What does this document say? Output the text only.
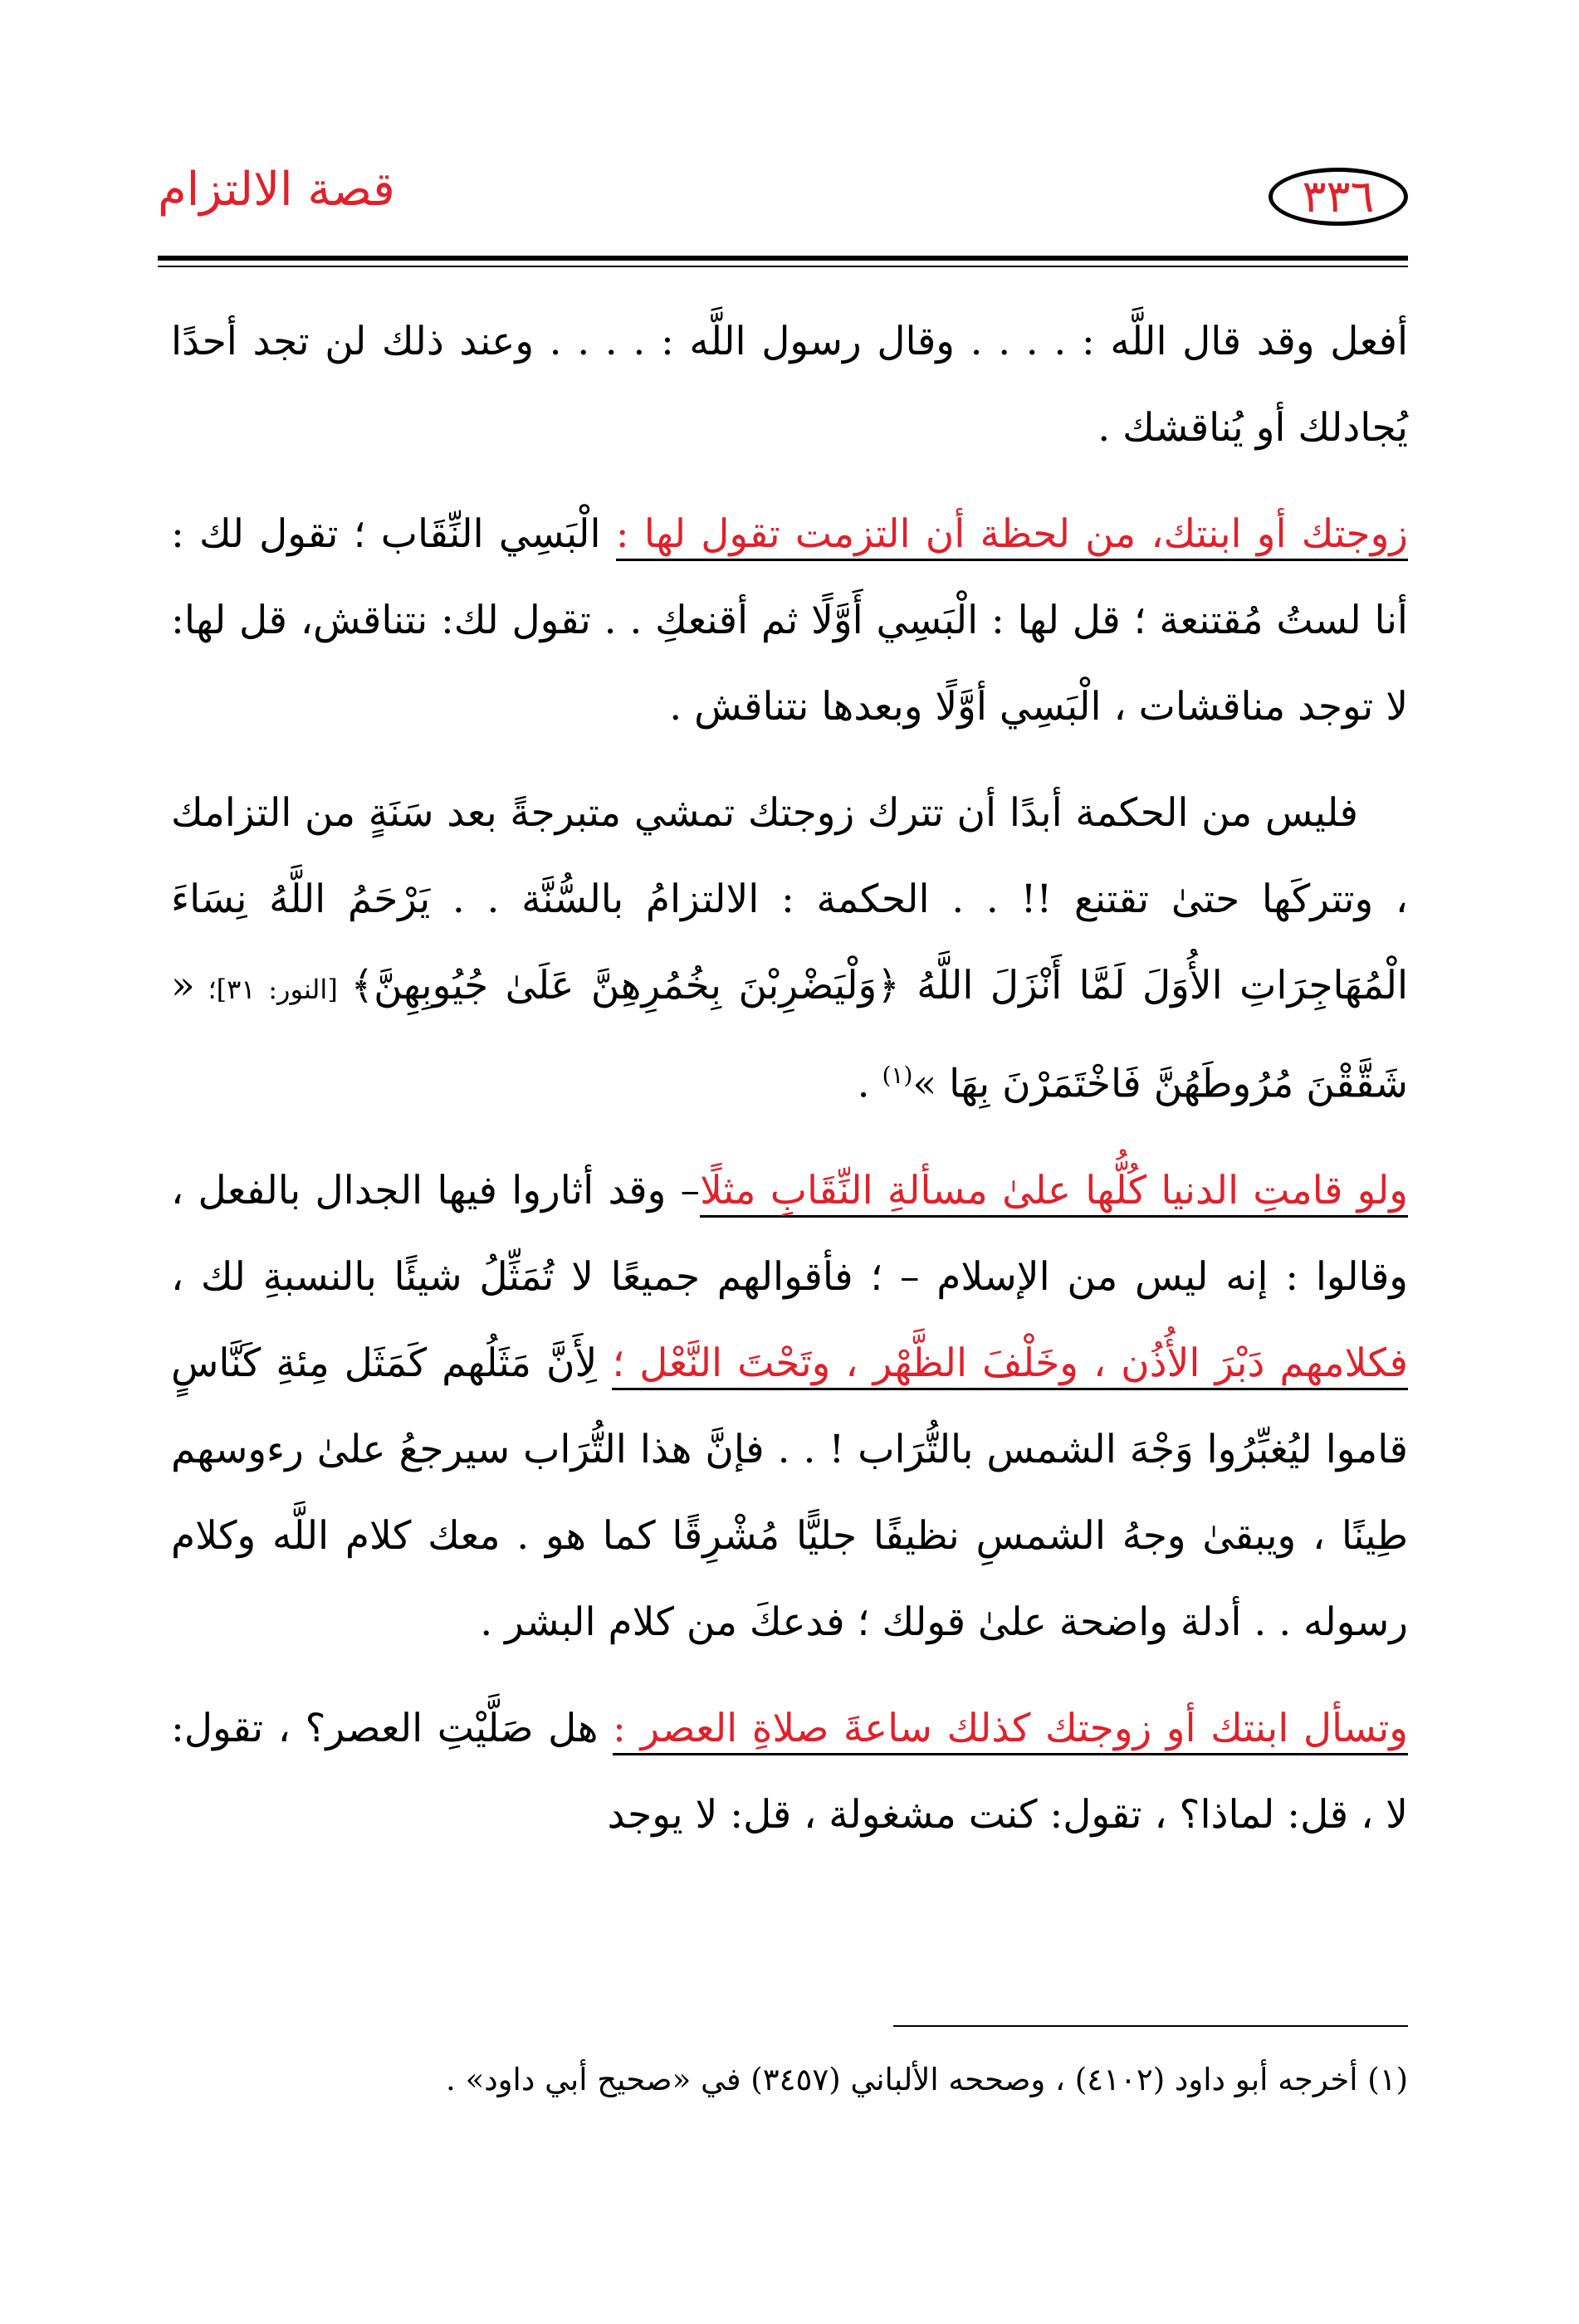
قصة الالتزام	٣٣٦

أفعل وقد قال اللَّه : . . . . وقال رسول اللَّه : . . . . وعند ذلك لن تجد أحدًا يُجادلك أو يُناقشك .

زوجتك أو ابنتك، من لحظة أن التزمت تقول لها : الْبَسِي النِّقَاب ؛ تقول لك : أنا لستُ مُقتنعة ؛ قل لها : الْبَسِي أَوَّلًا ثم أقنعكِ . . تقول لك: نتناقش، قل لها: لا توجد مناقشات ، الْبَسِي أوَّلًا وبعدها نتناقش .

فليس من الحكمة أبدًا أن تترك زوجتك تمشي متبرجةً بعد سَنَةٍ من التزامك ، وتتركَها حتىٰ تقتنع !! . . الحكمة : الالتزامُ بالسُّنَّة . . يَرْحَمُ اللَّهُ نِسَاءَ الْمُهَاجِرَاتِ الأُوَلَ لَمَّا أَنْزَلَ اللَّهُ ﴿وَلْيَضْرِبْنَ بِخُمُرِهِنَّ عَلَىٰ جُيُوبِهِنَّ﴾ [النور: ٣١]؛ « شَقَّقْنَ مُرُوطَهُنَّ فَاخْتَمَرْنَ بِهَا »$^{(١)}$ .

ولو قامتِ الدنيا كُلُّها علىٰ مسألةِ النِّقَابِ مثلًا– وقد أثاروا فيها الجدال بالفعل ، وقالوا : إنه ليس من الإسلام – ؛ فأقوالهم جميعًا لا تُمَثِّلُ شيئًا بالنسبةِ لك ، فكلامهم دَبْرَ الأُذُن ، وخَلْفَ الظَّهْر ، وتَحْتَ النَّعْل ؛ لِأَنَّ مَثَلُهم كَمَثَل مِئةِ كَنَّاسٍ قاموا ليُغبِّرُوا وَجْهَ الشمس بالتُّرَاب ! . . فإنَّ هذا التُّرَاب سيرجعُ علىٰ رءوسهم طِينًا ، ويبقىٰ وجهُ الشمسِ نظيفًا جليًّا مُشْرِقًا كما هو . معك كلام اللَّه وكلام رسوله . . أدلة واضحة علىٰ قولك ؛ فدعكَ من كلام البشر .

وتسأل ابنتك أو زوجتك كذلك ساعةَ صلاةِ العصر : هل صَلَّيْتِ العصر؟ ، تقول: لا ، قل: لماذا؟ ، تقول: كنت مشغولة ، قل: لا يوجد

(١) أخرجه أبو داود (٤١٠٢) ، وصححه الألباني (٣٤٥٧) في «صحيح أبي داود» .
